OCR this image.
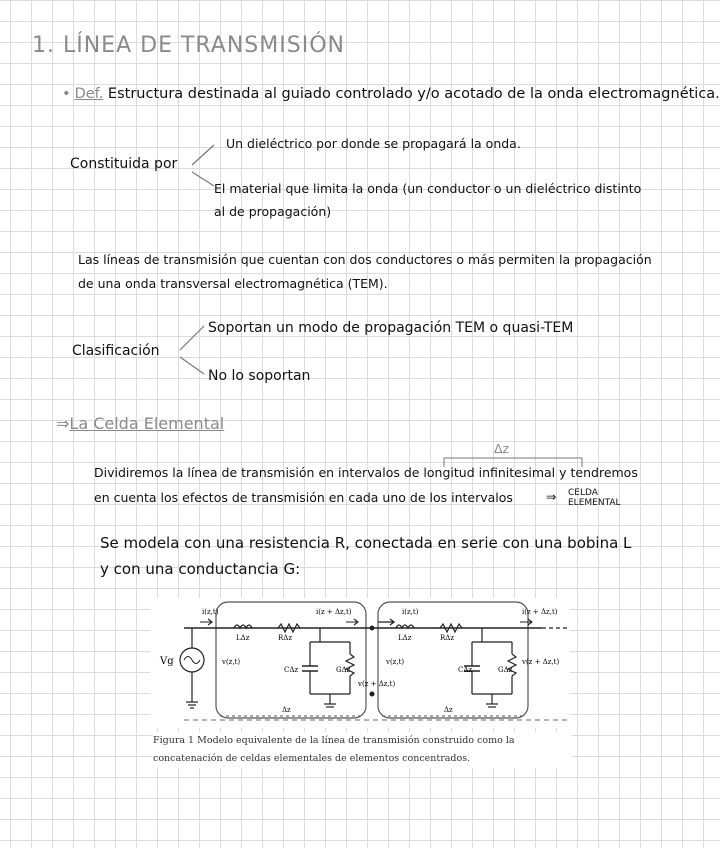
1. LÍNEA DE TRANSMISIÓN
• Def. Estructura destinada al guiado controlado y/o acotado de la onda electromagnética.
Constituida por
Un dieléctrico por donde se propagará la onda.
El material que limita la onda (un conductor o un dieléctrico distinto
al de propagación)
Las líneas de transmisión que cuentan con dos conductores o más permiten la propagación
de una onda transversal electromagnética (TEM).
Clasificación
Soportan un modo de propagación TEM o quasi-TEM
No lo soportan
⇒La Celda Elemental
Δz
Dividiremos la línea de transmisión en intervalos de longitud infinitesimal y tendremos
en cuenta los efectos de transmisión en cada uno de los intervalos	⇒ CELDA
ELEMENTAL
Se modela con una resistencia R, conectada en serie con una bobina L
y con una conductancia G:
Vg
i(z,t)	i(z + Δz,t)
LΔz	RΔz
CΔz	GΔz
v(z,t)
v(z + Δz,t)
Δz
i(z,t)	i(z + Δz,t)
LΔz	RΔz
CΔz	GΔz
v(z,t)	v(z + Δz,t)
Δz
Figura 1 Modelo equivalente de la línea de transmisión construido como la
concatenación de celdas elementales de elementos concentrados.
